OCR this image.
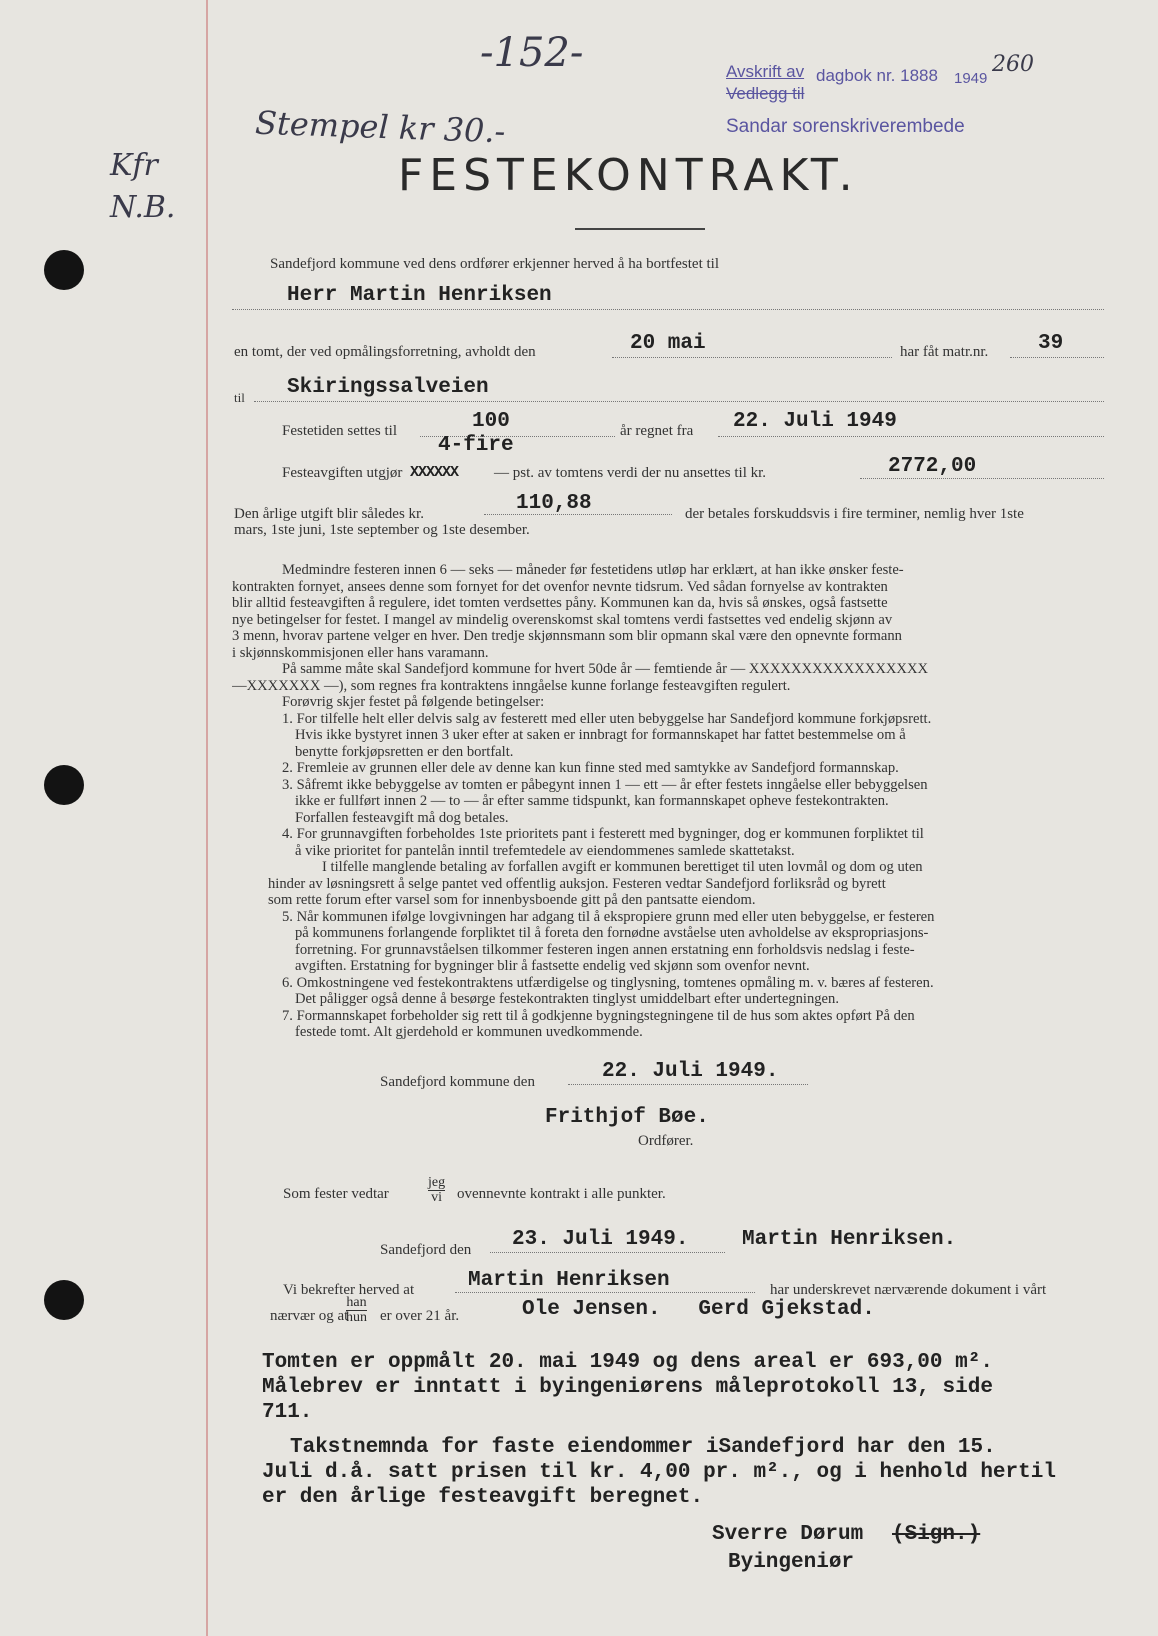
Kfr
N.B.
-152-
Stempel kr 30.-
Avskrift av dagbok nr. 1888 1949
260
Vedlegg til
Sandar sorenskriverembede
FESTEKONTRAKT.
Sandefjord kommune ved dens ordfører erkjenner herved å ha bortfestet til
Herr Martin Henriksen
en tomt, der ved opmålingsforretning, avholdt den	20 mai	har fåt matr.nr. 39
til Skiringssalveien
Festetiden settes til	100	år regnet fra 22. Juli 1949
4-fire
Festeavgiften utgjør XXXXXX — pst. av tomtens verdi der nu ansettes til kr.	2772,00
Den årlige utgift blir således kr.	110,88	der betales forskuddsvis i fire terminer, nemlig hver 1ste
mars, 1ste juni, 1ste september og 1ste desember.

Medmindre festeren innen 6 — seks — måneder før festetidens utløp har erklært, at han ikke ønsker feste-

kontrakten fornyet, ansees denne som fornyet for det ovenfor nevnte tidsrum. Ved sådan fornyelse av kontrakten

blir alltid festeavgiften å regulere, idet tomten verdsettes påny. Kommunen kan da, hvis så ønskes, også fastsette

nye betingelser for festet. I mangel av mindelig overenskomst skal tomtens verdi fastsettes ved endelig skjønn av

3 menn, hvorav partene velger en hver. Den tredje skjønnsmann som blir opmann skal være den opnevnte formann

i skjønnskommisjonen eller hans varamann.

På samme måte skal Sandefjord kommune for hvert 50de år — femtiende år — XXXXXXXXXXXXXXXXX

—XXXXXXX —), som regnes fra kontraktens inngåelse kunne forlange festeavgiften regulert.

Forøvrig skjer festet på følgende betingelser:

1. For tilfelle helt eller delvis salg av festerett med eller uten bebyggelse har Sandefjord kommune forkjøpsrett.

Hvis ikke bystyret innen 3 uker efter at saken er innbragt for formannskapet har fattet bestemmelse om å

benytte forkjøpsretten er den bortfalt.

2. Fremleie av grunnen eller dele av denne kan kun finne sted med samtykke av Sandefjord formannskap.

3. Såfremt ikke bebyggelse av tomten er påbegynt innen 1 — ett — år efter festets inngåelse eller bebyggelsen

ikke er fullført innen 2 — to — år efter samme tidspunkt, kan formannskapet opheve festekontrakten.

Forfallen festeavgift må dog betales.

4. For grunnavgiften forbeholdes 1ste prioritets pant i festerett med bygninger, dog er kommunen forpliktet til

å vike prioritet for pantelån inntil trefemtedele av eiendommenes samlede skattetakst.

I tilfelle manglende betaling av forfallen avgift er kommunen berettiget til uten lovmål og dom og uten

hinder av løsningsrett å selge pantet ved offentlig auksjon. Festeren vedtar Sandefjord forliksråd og byrett

som rette forum efter varsel som for innenbysboende gitt på den pantsatte eiendom.

5. Når kommunen ifølge lovgivningen har adgang til å ekspropiere grunn med eller uten bebyggelse, er festeren

på kommunens forlangende forpliktet til å foreta den fornødne avståelse uten avholdelse av ekspropriasjons-

forretning. For grunnavståelsen tilkommer festeren ingen annen erstatning enn forholdsvis nedslag i feste-

avgiften. Erstatning for bygninger blir å fastsette endelig ved skjønn som ovenfor nevnt.

6. Omkostningene ved festekontraktens utfærdigelse og tinglysning, tomtenes opmåling m. v. bæres af festeren.

Det påligger også denne å besørge festekontrakten tinglyst umiddelbart efter undertegningen.

7. Formannskapet forbeholder sig rett til å godkjenne bygningstegningene til de hus som aktes opført På den

festede tomt. Alt gjerdehold er kommunen uvedkommende.

Sandefjord kommune den	22. Juli 1949.
Frithjof Bøe.
Ordfører.
Som fester vedtar
jeg
vi ovennevnte kontrakt i alle punkter.
Sandefjord den 23. Juli 1949.	Martin Henriksen.
Vi bekrefter herved at	Martin Henriksen	har underskrevet nærværende dokument i vårt
nærvær og at
han
hun er over 21 år.	Ole Jensen.   Gerd Gjekstad.
Tomten er oppmålt 20. mai 1949 og dens areal er 693,00 m².
Målebrev er inntatt i byingeniørens måleprotokoll 13, side
711.
Takstnemnda for faste eiendommer iSandefjord har den 15.
Juli d.å. satt prisen til kr. 4,00 pr. m²., og i henhold hertil
er den årlige festeavgift beregnet.
Sverre Dørum (Sign.)
Byingeniør
